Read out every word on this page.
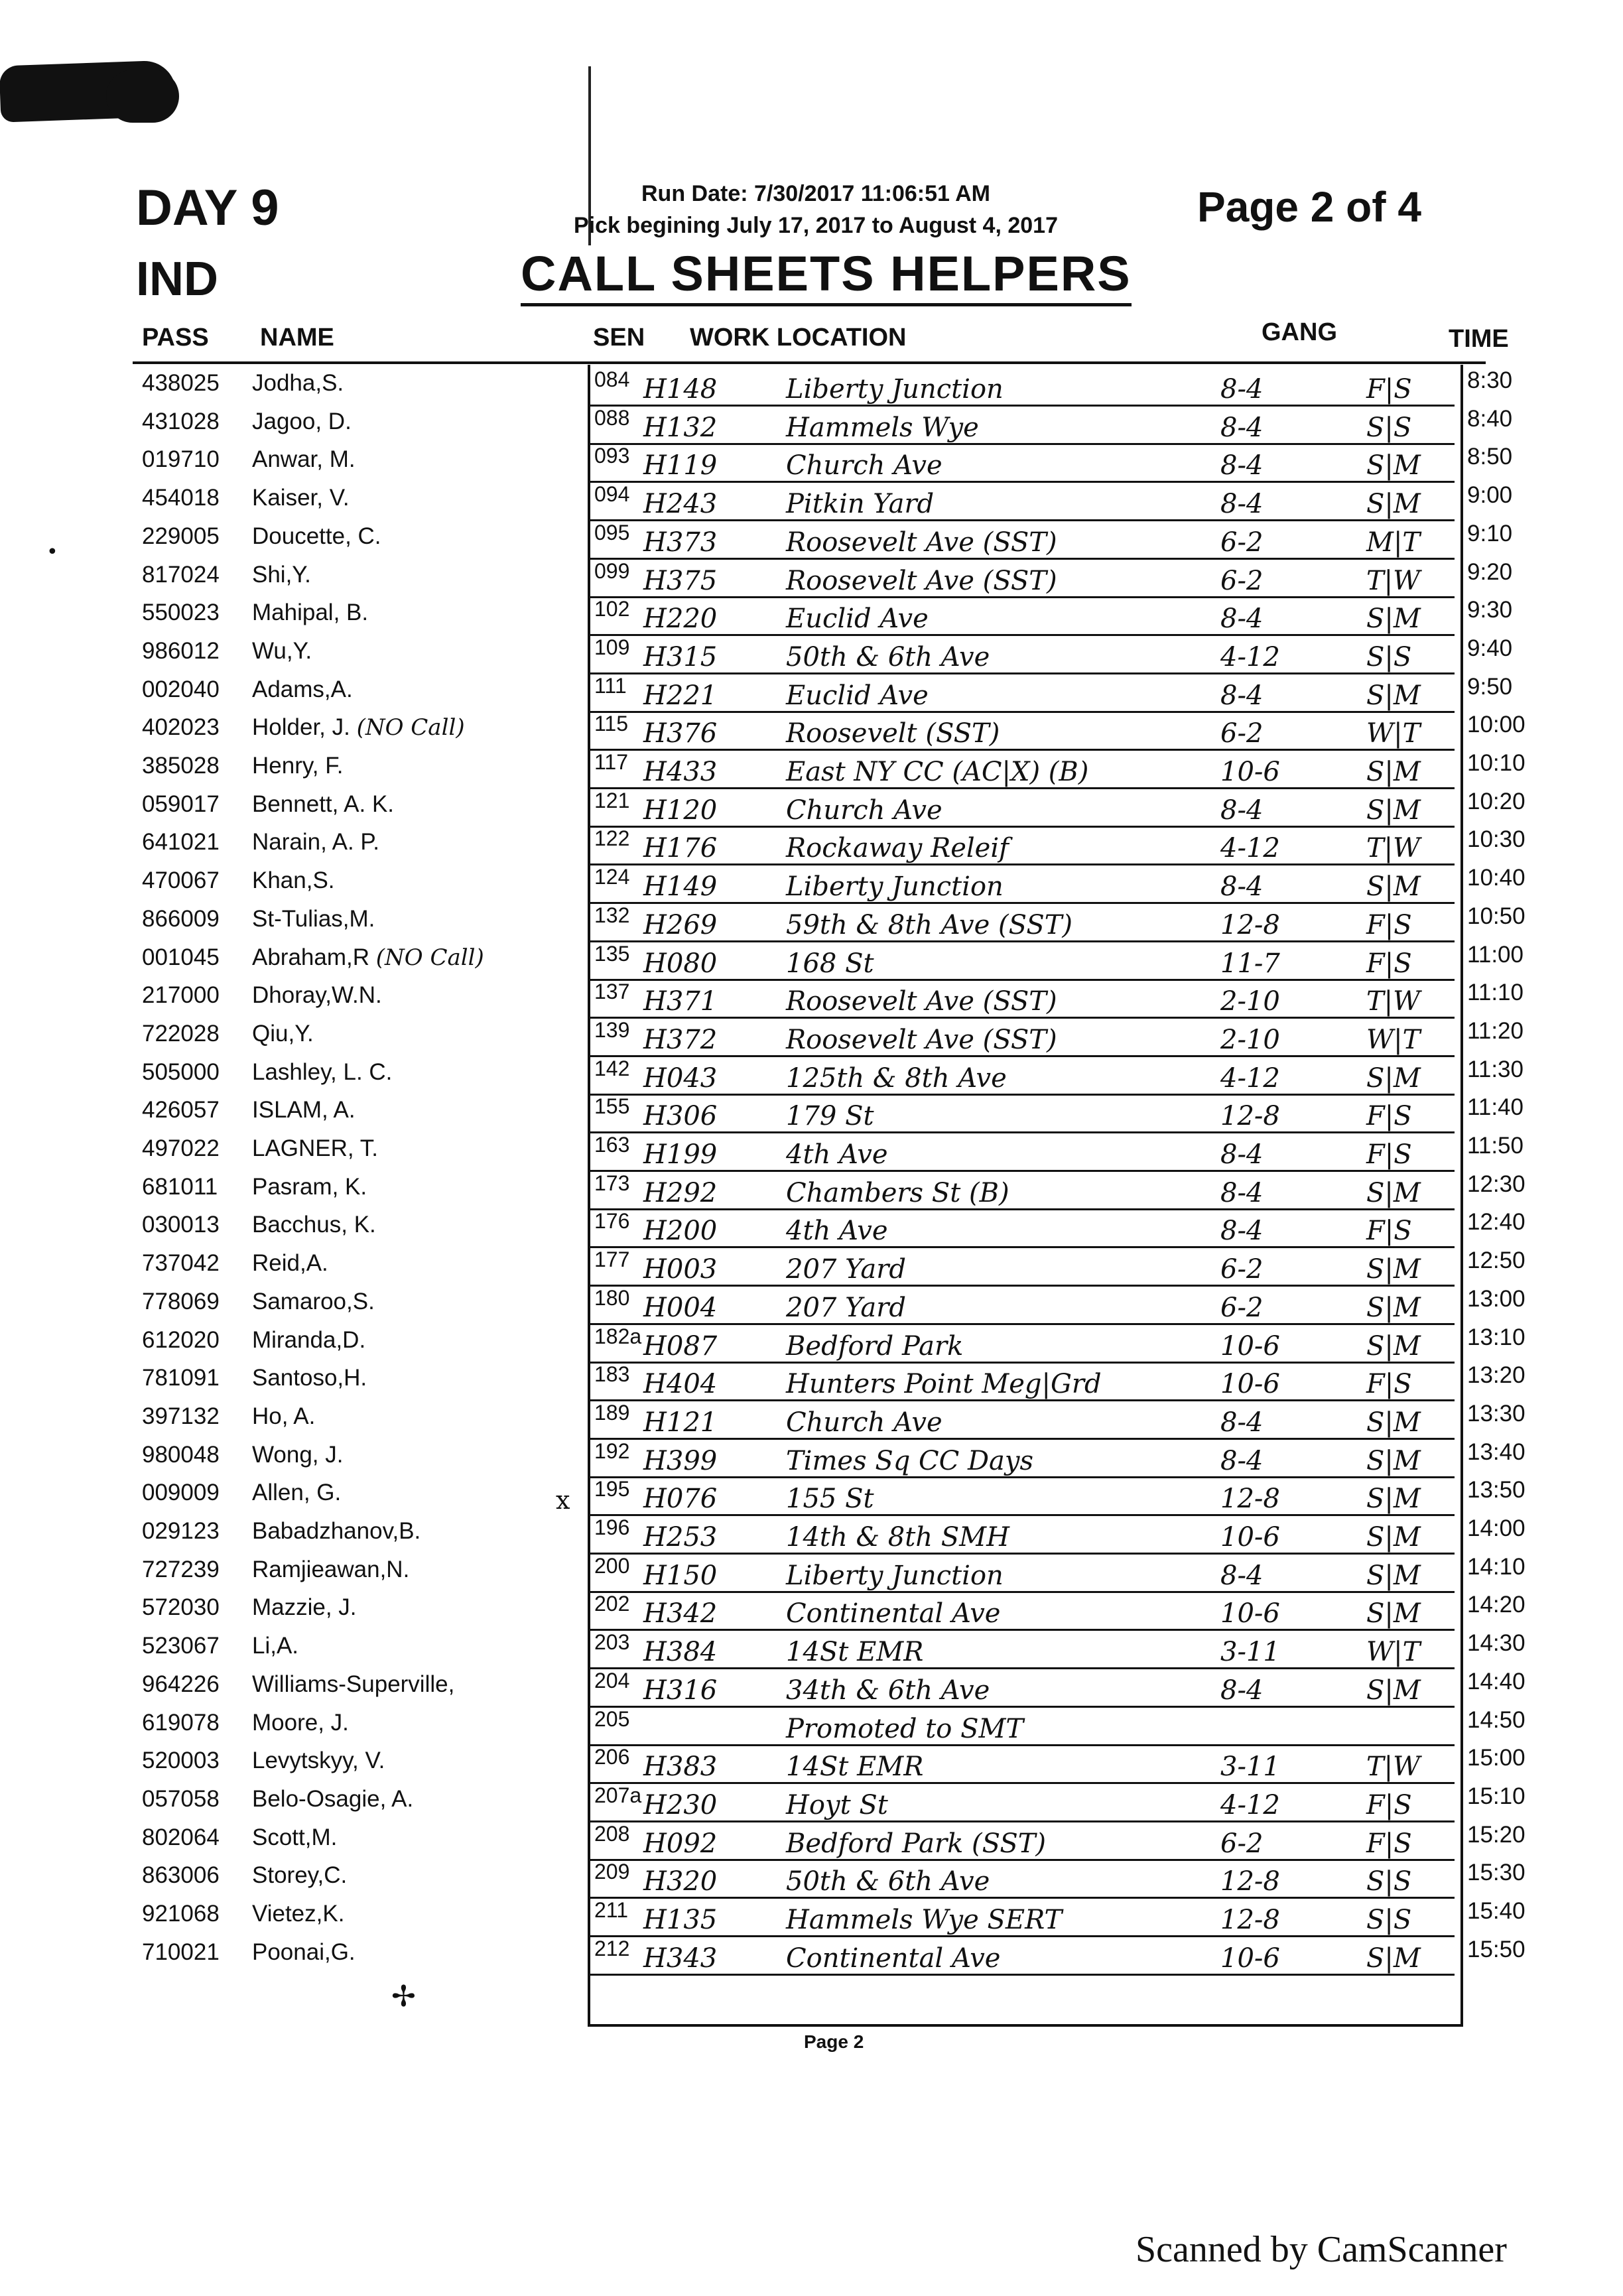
DAY 9
IND
Run Date: 7/30/2017 11:06:51 AM
Pick begining July 17, 2017 to August 4, 2017	Page 2 of 4
CALL SHEETS HELPERS
PASS NAME	SEN WORK LOCATION	GANG	TIME
438025 Jodha,S.	084 H148	Liberty Junction	8-4	F|S 8:30
431028 Jagoo, D.	088 H132	Hammels Wye	8-4	S|S 8:40
019710 Anwar, M.	093 H119	Church Ave	8-4	S|M 8:50
454018 Kaiser, V.	094 H243	Pitkin Yard	8-4	S|M 9:00
229005 Doucette, C.	095 H373	Roosevelt Ave (SST)	6-2	M|T 9:10
817024 Shi,Y.	099 H375	Roosevelt Ave (SST)	6-2	T|W 9:20
550023 Mahipal, B.	102 H220	Euclid Ave	8-4	S|M 9:30
986012 Wu,Y.	109 H315	50th & 6th Ave	4-12	S|S 9:40
002040 Adams,A.	111 H221	Euclid Ave	8-4	S|M 9:50
402023 Holder, J. (NO Call)	115 H376	Roosevelt (SST)	6-2	W|T 10:00
385028 Henry, F.	117 H433	East NY CC (AC|X) (B)	10-6	S|M 10:10
059017 Bennett, A. K.	121 H120	Church Ave	8-4	S|M 10:20
641021 Narain, A. P.	122 H176	Rockaway Releif	4-12	T|W 10:30
470067 Khan,S.	124 H149	Liberty Junction	8-4	S|M 10:40
866009 St-Tulias,M.	132 H269	59th & 8th Ave (SST)	12-8	F|S 10:50
001045 Abraham,R (NO Call)	135 H080	168 St	11-7	F|S 11:00
217000 Dhoray,W.N.	137 H371	Roosevelt Ave (SST)	2-10	T|W 11:10
722028 Qiu,Y.	139 H372	Roosevelt Ave (SST)	2-10	W|T 11:20
505000 Lashley, L. C.	142 H043	125th & 8th Ave	4-12	S|M 11:30
426057 ISLAM, A.	155 H306	179 St	12-8	F|S 11:40
497022 LAGNER, T.	163 H199	4th Ave	8-4	F|S 11:50
681011 Pasram, K.	173 H292	Chambers St (B)	8-4	S|M 12:30
030013 Bacchus, K.	176 H200	4th Ave	8-4	F|S 12:40
737042 Reid,A.	177 H003	207 Yard	6-2	S|M 12:50
778069 Samaroo,S.	180 H004	207 Yard	6-2	S|M 13:00
612020 Miranda,D.	182a H087	Bedford Park	10-6	S|M 13:10
781091 Santoso,H.	183 H404	Hunters Point Meg|Grd	10-6	F|S 13:20
397132 Ho, A.	189 H121	Church Ave	8-4	S|M 13:30
980048 Wong, J.	192 H399	Times Sq CC Days	8-4	S|M 13:40
009009 Allen, G.	195 H076	155 St	12-8	S|M 13:50
029123 Babadzhanov,B.	196 H253	14th & 8th SMH	10-6	S|M 14:00
727239 Ramjieawan,N.	200 H150	Liberty Junction	8-4	S|M 14:10
572030 Mazzie, J.	202 H342	Continental Ave	10-6	S|M 14:20
523067 Li,A.	203 H384	14St EMR	3-11	W|T 14:30
964226 Williams-Superville,	204 H316	34th & 6th Ave	8-4	S|M 14:40
619078 Moore, J.	205	Promoted to SMT	14:50
520003 Levytskyy, V.	206 H383	14St EMR	3-11	T|W 15:00
057058 Belo-Osagie, A.	207a H230	Hoyt St	4-12	F|S 15:10
802064 Scott,M.	208 H092	Bedford Park (SST)	6-2	F|S 15:20
863006 Storey,C.	209 H320	50th & 6th Ave	12-8	S|S 15:30
921068 Vietez,K.	211 H135	Hammels Wye SERT	12-8	S|S 15:40
710021 Poonai,G.	212 H343	Continental Ave	10-6	S|M 15:50
Page 2
Scanned by CamScanner
•
x
✢
